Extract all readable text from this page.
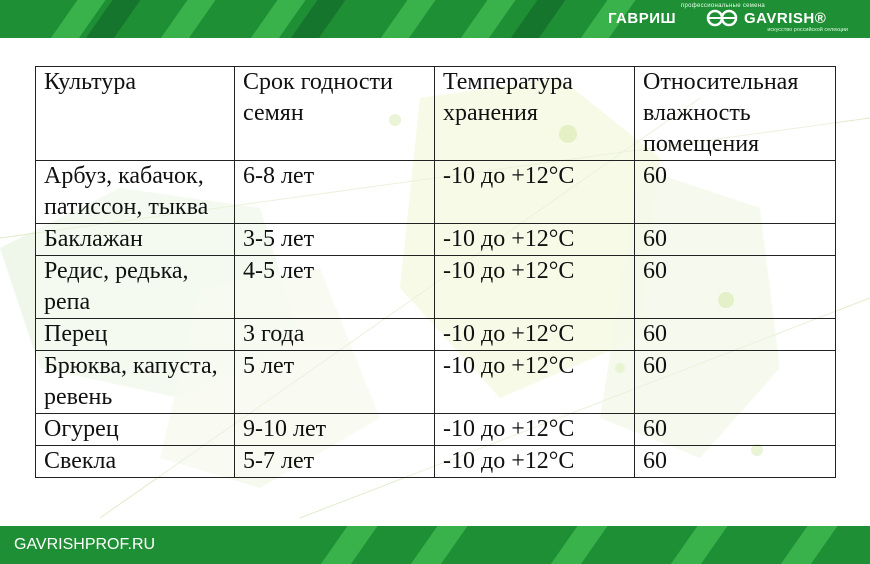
профессиональные семена
ГАВРИШ	GAVRISH®
искусство российской селекции
Культура	Срок годности семян	Температура хранения	Относительная влажность помещения
Арбуз, кабачок, патиссон, тыква	6-8 лет	-10 до +12°C	60
Баклажан	3-5 лет	-10 до +12°C	60
Редис, редька, репа	4-5 лет	-10 до +12°C	60
Перец	3 года	-10 до +12°C	60
Брюква, капуста, ревень	5 лет	-10 до +12°C	60
Огурец	9-10 лет	-10 до +12°C	60
Свекла	5-7 лет	-10 до +12°C	60
GAVRISHPROF.RU
